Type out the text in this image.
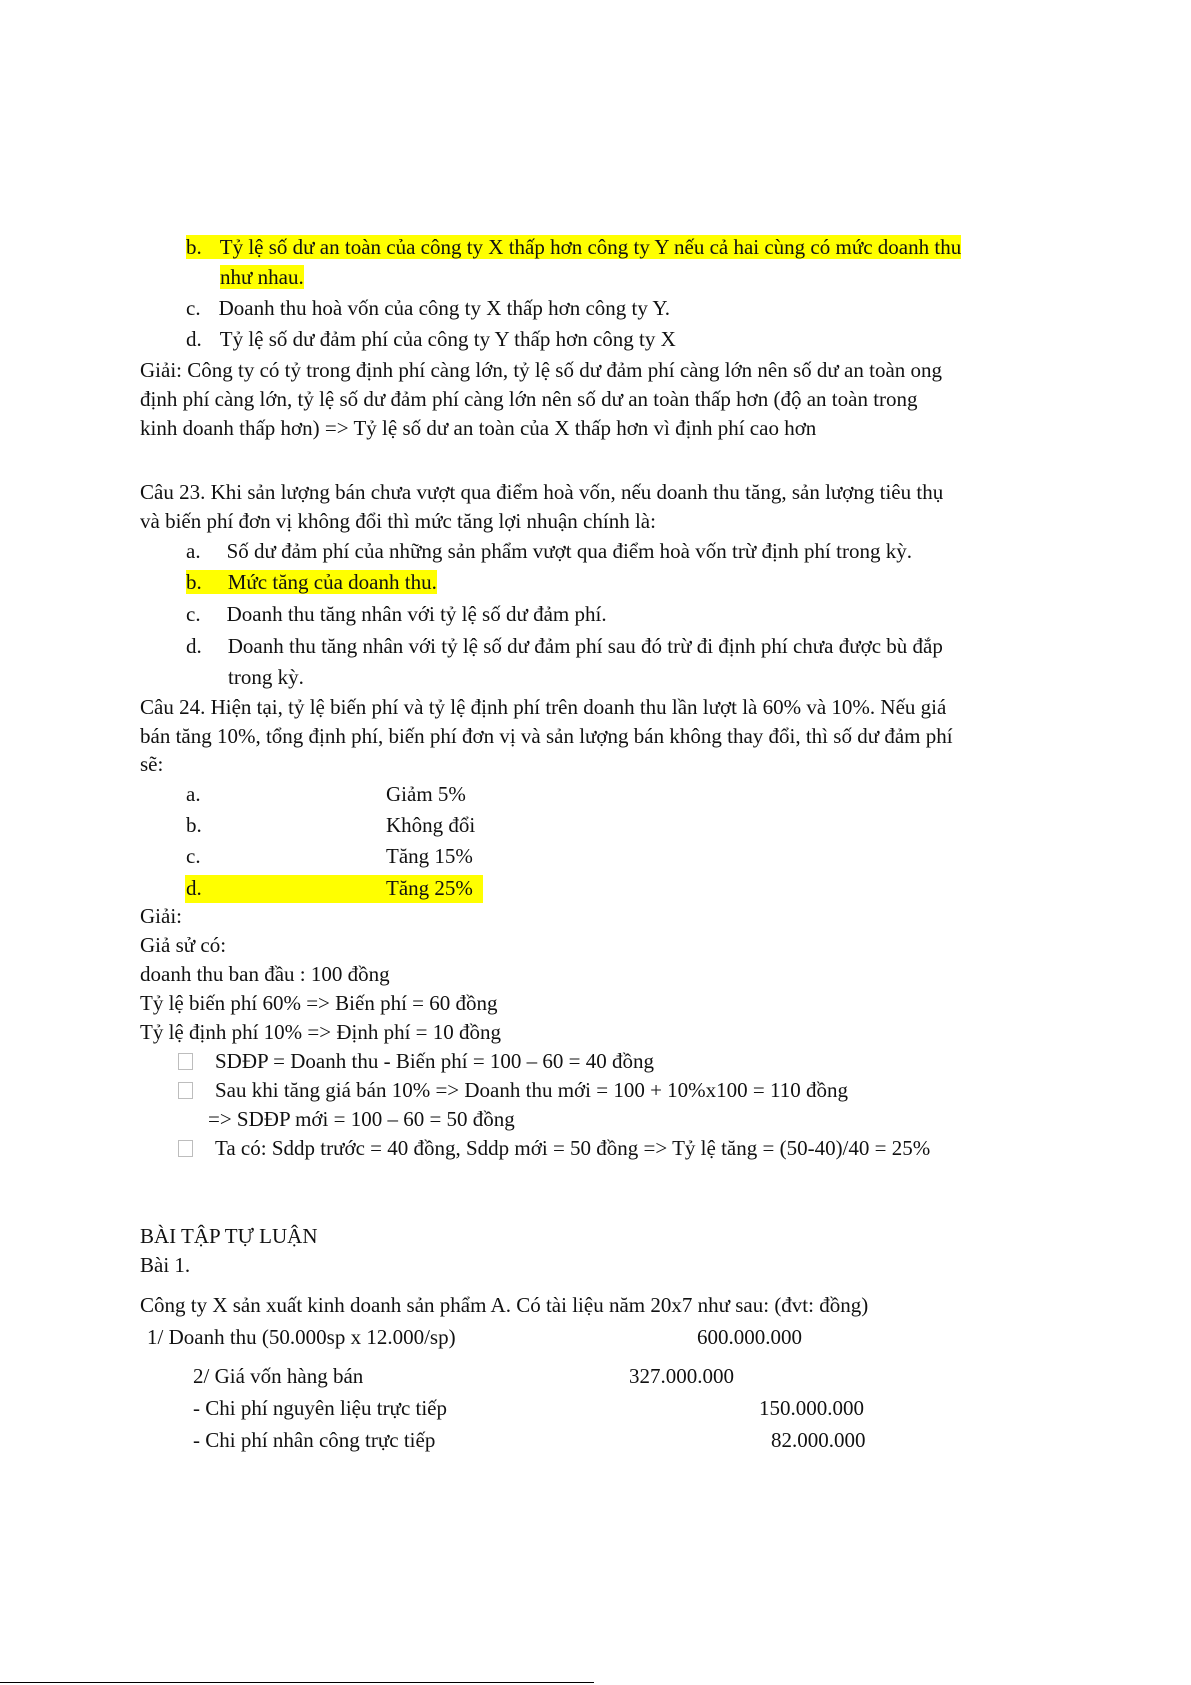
b. Tỷ lệ số dư an toàn của công ty X thấp hơn công ty Y nếu cả hai cùng có mức doanh thu
như nhau.
c. Doanh thu hoà vốn của công ty X thấp hơn công ty Y.
d. Tỷ lệ số dư đảm phí của công ty Y thấp hơn công ty X
Giải: Công ty có tỷ trong định phí càng lớn, tỷ lệ số dư đảm phí càng lớn nên số dư an toàn ong
định phí càng lớn, tỷ lệ số dư đảm phí càng lớn nên số dư an toàn thấp hơn (độ an toàn trong
kinh doanh thấp hơn) => Tỷ lệ số dư an toàn của X thấp hơn vì định phí cao hơn
Câu 23. Khi sản lượng bán chưa vượt qua điểm hoà vốn, nếu doanh thu tăng, sản lượng tiêu thụ
và biến phí đơn vị không đổi thì mức tăng lợi nhuận chính là:
a. Số dư đảm phí của những sản phẩm vượt qua điểm hoà vốn trừ định phí trong kỳ.
b. Mức tăng của doanh thu.
c. Doanh thu tăng nhân với tỷ lệ số dư đảm phí.
d. Doanh thu tăng nhân với tỷ lệ số dư đảm phí sau đó trừ đi định phí chưa được bù đắp
trong kỳ.
Câu 24. Hiện tại, tỷ lệ biến phí và tỷ lệ định phí trên doanh thu lần lượt là 60% và 10%. Nếu giá
bán tăng 10%, tổng định phí, biến phí đơn vị và sản lượng bán không thay đổi, thì số dư đảm phí
sẽ:
a.	Giảm 5%
b.	Không đổi
c.	Tăng 15%
d.	Tăng 25%
Giải:
Giả sử có:
doanh thu ban đầu : 100 đồng
Tỷ lệ biến phí 60% => Biến phí = 60 đồng
Tỷ lệ định phí 10% => Định phí = 10 đồng
SDĐP = Doanh thu - Biến phí = 100 – 60 = 40 đồng
Sau khi tăng giá bán 10% => Doanh thu mới = 100 + 10%x100 = 110 đồng
=> SDĐP mới = 100 – 60 = 50 đồng
Ta có: Sddp trước = 40 đồng, Sddp mới = 50 đồng => Tỷ lệ tăng = (50-40)/40 = 25%
BÀI TẬP TỰ LUẬN
Bài 1.
Công ty X sản xuất kinh doanh sản phẩm A. Có tài liệu năm 20x7 như sau: (đvt: đồng)
1/ Doanh thu (50.000sp x 12.000/sp)	600.000.000
2/ Giá vốn hàng bán	327.000.000
- Chi phí nguyên liệu trực tiếp	150.000.000
- Chi phí nhân công trực tiếp	82.000.000
